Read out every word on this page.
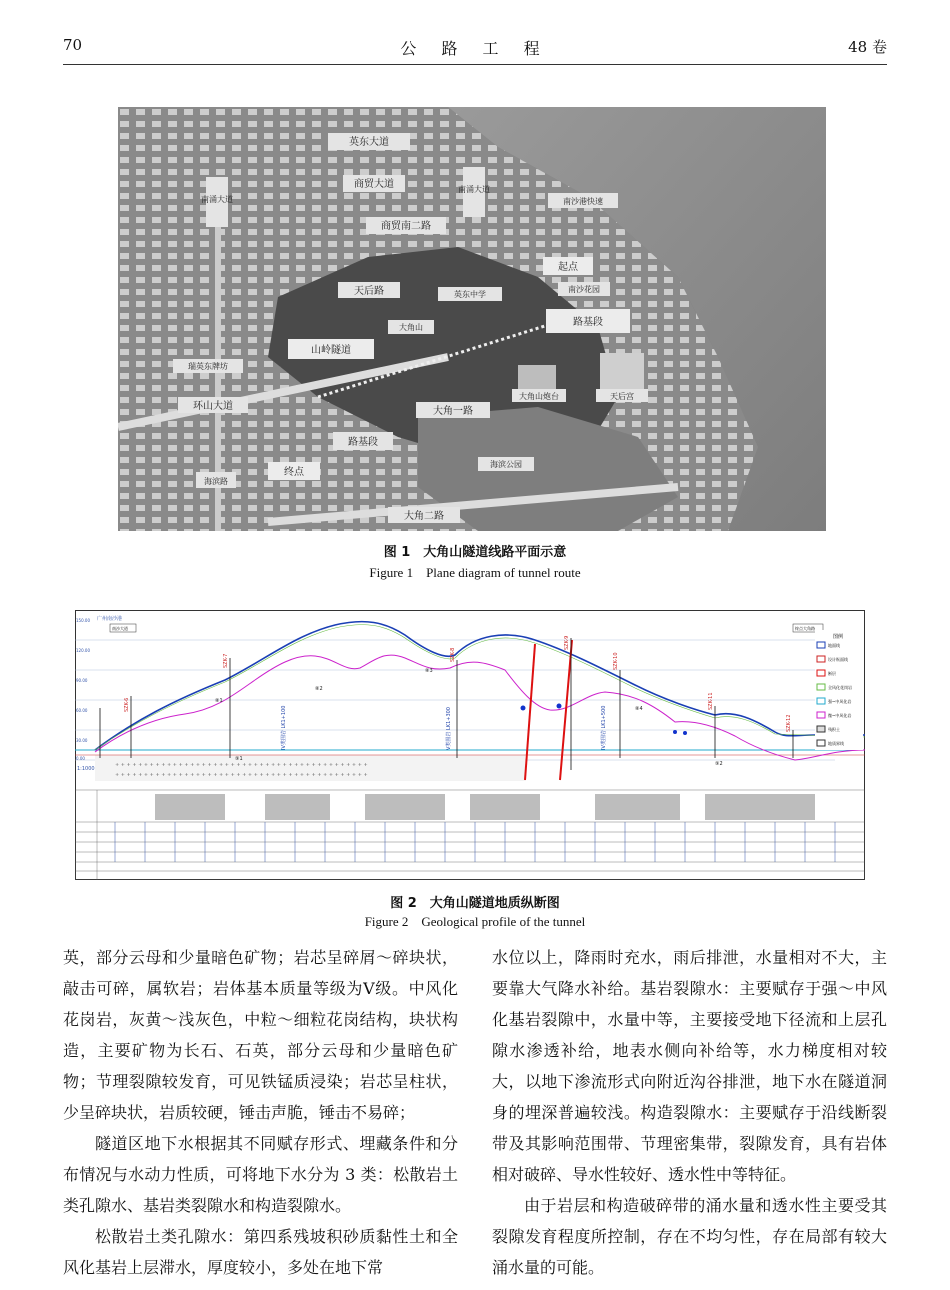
70	公 路 工 程	48 卷
英东大道
商贸大道
南沙港快速
商贸南二路
南涌大道
南涌大道
天后路	英东中学
起点
南沙花园
大角山	路基段
山岭隧道
瑞英东牌坊
环山大道	大角一路
大角山炮台	天后宫
路基段
终点
海滨公园
大角二路
海滨路
图 1　大角山隧道线路平面示意
Figure 1　Plane diagram of tunnel route
150.00
120.00
90.00
60.00
30.00
0.00
广州南沙港
南沙大道	终点大角路
1:1000
+ + + + + + + + + + + + + + + + + + + + + + + + + + + + + + + + + + + + + + + + + + + +
+ + + + + + + + + + + + + + + + + + + + + + + + + + + + + + + + + + + + + + + + + + + +
SZK-6
SZK-7	SZK-8
SZK-9
SZK-10
SZK-11
SZK-12
IV类围岩 LK1+100	V类围岩 LK1+300	IV类围岩 LK1+500
⑧1
⑧2
⑧3
⑧4
⑨1
⑨2
图例
地面线
设计纵面线
断层
全风化花岗岩
强~中风化岩
微~中风化岩
残积土
地质界线
图 2　大角山隧道地质纵断图
Figure 2　Geological profile of the tunnel

英，部分云母和少量暗色矿物；岩芯呈碎屑～碎块状，敲击可碎，属软岩；岩体基本质量等级为Ⅴ级。中风化花岗岩，灰黄～浅灰色，中粒～细粒花岗结构，块状构造，主要矿物为长石、石英，部分云母和少量暗色矿物；节理裂隙较发育，可见铁锰质浸染；岩芯呈柱状，少呈碎块状，岩质较硬，锤击声脆，锤击不易碎；

隧道区地下水根据其不同赋存形式、埋藏条件和分布情况与水动力性质，可将地下水分为 3 类：松散岩土类孔隙水、基岩类裂隙水和构造裂隙水。

松散岩土类孔隙水：第四系残坡积砂质黏性土和全风化基岩上层滞水，厚度较小，多处在地下常

水位以上，降雨时充水，雨后排泄，水量相对不大，主要靠大气降水补给。基岩裂隙水：主要赋存于强～中风化基岩裂隙中，水量中等，主要接受地下径流和上层孔隙水渗透补给，地表水侧向补给等，水力梯度相对较大，以地下渗流形式向附近沟谷排泄，地下水在隧道洞身的埋深普遍较浅。构造裂隙水：主要赋存于沿线断裂带及其影响范围带、节理密集带，裂隙发育，具有岩体相对破碎、导水性较好、透水性中等特征。

由于岩层和构造破碎带的涌水量和透水性主要受其裂隙发育程度所控制，存在不均匀性，存在局部有较大涌水量的可能。
